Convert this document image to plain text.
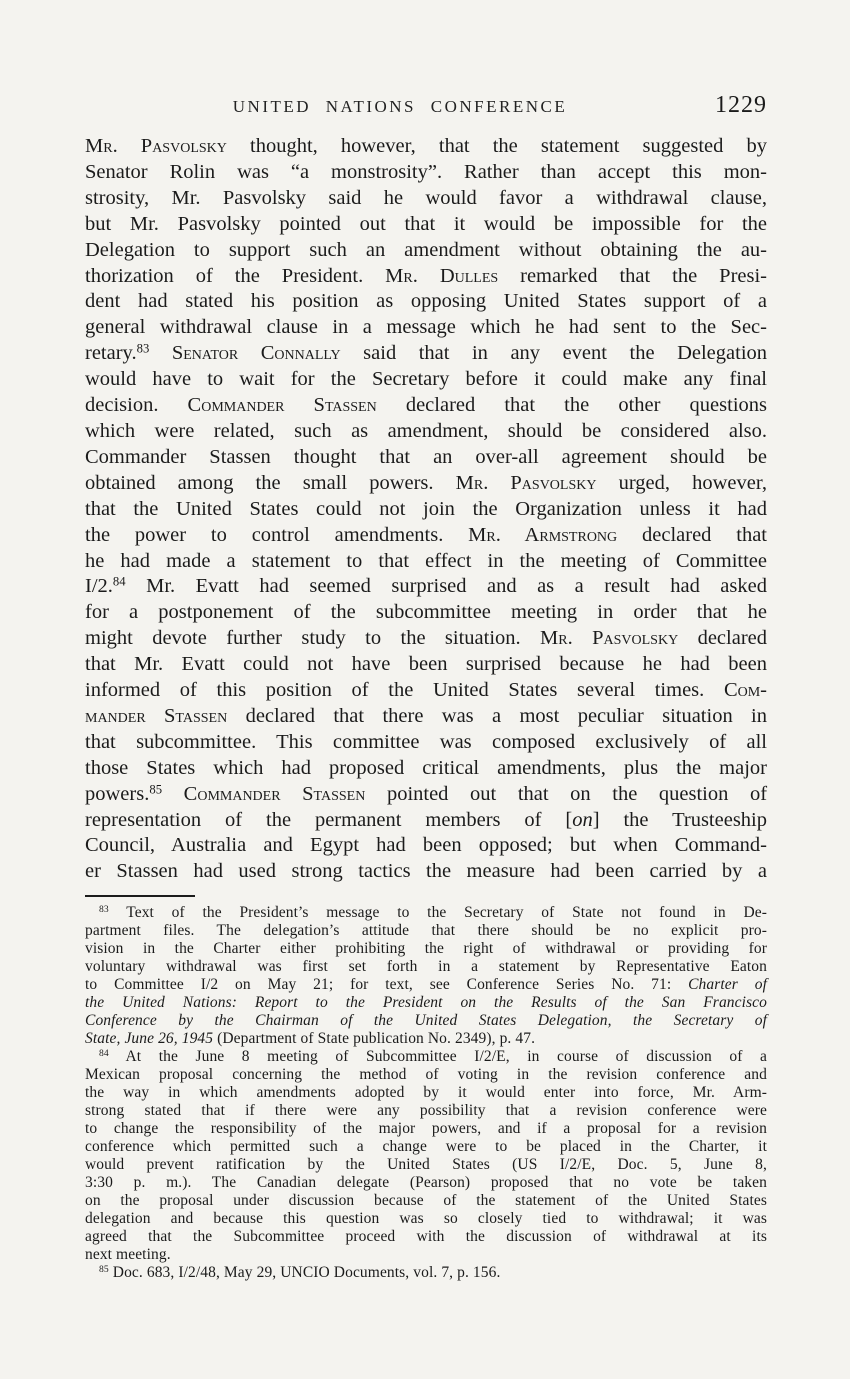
UNITED NATIONS CONFERENCE	1229
Mr. Pasvolsky thought, however, that the statement suggested by
Senator Rolin was “a monstrosity”. Rather than accept this mon-
strosity, Mr. Pasvolsky said he would favor a withdrawal clause,
but Mr. Pasvolsky pointed out that it would be impossible for the
Delegation to support such an amendment without obtaining the au-
thorization of the President. Mr. Dulles remarked that the Presi-
dent had stated his position as opposing United States support of a
general withdrawal clause in a message which he had sent to the Sec-
retary.$^{83}$ Senator Connally said that in any event the Delegation
would have to wait for the Secretary before it could make any final
decision. Commander Stassen declared that the other questions
which were related, such as amendment, should be considered also.
Commander Stassen thought that an over-all agreement should be
obtained among the small powers. Mr. Pasvolsky urged, however,
that the United States could not join the Organization unless it had
the power to control amendments. Mr. Armstrong declared that
he had made a statement to that effect in the meeting of Committee
I/2.84 Mr. Evatt had seemed surprised and as a result had asked
for a postponement of the subcommittee meeting in order that he
might devote further study to the situation. Mr. Pasvolsky declared
that Mr. Evatt could not have been surprised because he had been
informed of this position of the United States several times. Com-
mander Stassen declared that there was a most peculiar situation in
that subcommittee. This committee was composed exclusively of all
those States which had proposed critical amendments, plus the major
powers.$^{85}$ Commander Stassen pointed out that on the question of
representation of the permanent members of [on] the Trusteeship
Council, Australia and Egypt had been opposed; but when Command-
er Stassen had used strong tactics the measure had been carried by a
$^{83}$ Text of the President’s message to the Secretary of State not found in De-
partment files. The delegation’s attitude that there should be no explicit pro-
vision in the Charter either prohibiting the right of withdrawal or providing for
voluntary withdrawal was first set forth in a statement by Representative Eaton
to Committee I/2 on May 21; for text, see Conference Series No. 71: Charter of
the United Nations: Report to the President on the Results of the San Francisco
Conference by the Chairman of the United States Delegation, the Secretary of
State, June 26, 1945 (Department of State publication No. 2349), p. 47.
$^{84}$ At the June 8 meeting of Subcommittee I/2/E, in course of discussion of a
Mexican proposal concerning the method of voting in the revision conference and
the way in which amendments adopted by it would enter into force, Mr. Arm-
strong stated that if there were any possibility that a revision conference were
to change the responsibility of the major powers, and if a proposal for a revision
conference which permitted such a change were to be placed in the Charter, it
would prevent ratification by the United States (US I/2/E, Doc. 5, June 8,
3:30 p. m.). The Canadian delegate (Pearson) proposed that no vote be taken
on the proposal under discussion because of the statement of the United States
delegation and because this question was so closely tied to withdrawal; it was
agreed that the Subcommittee proceed with the discussion of withdrawal at its
next meeting.
$^{85}$ Doc. 683, I/2/48, May 29, UNCIO Documents, vol. 7, p. 156.
